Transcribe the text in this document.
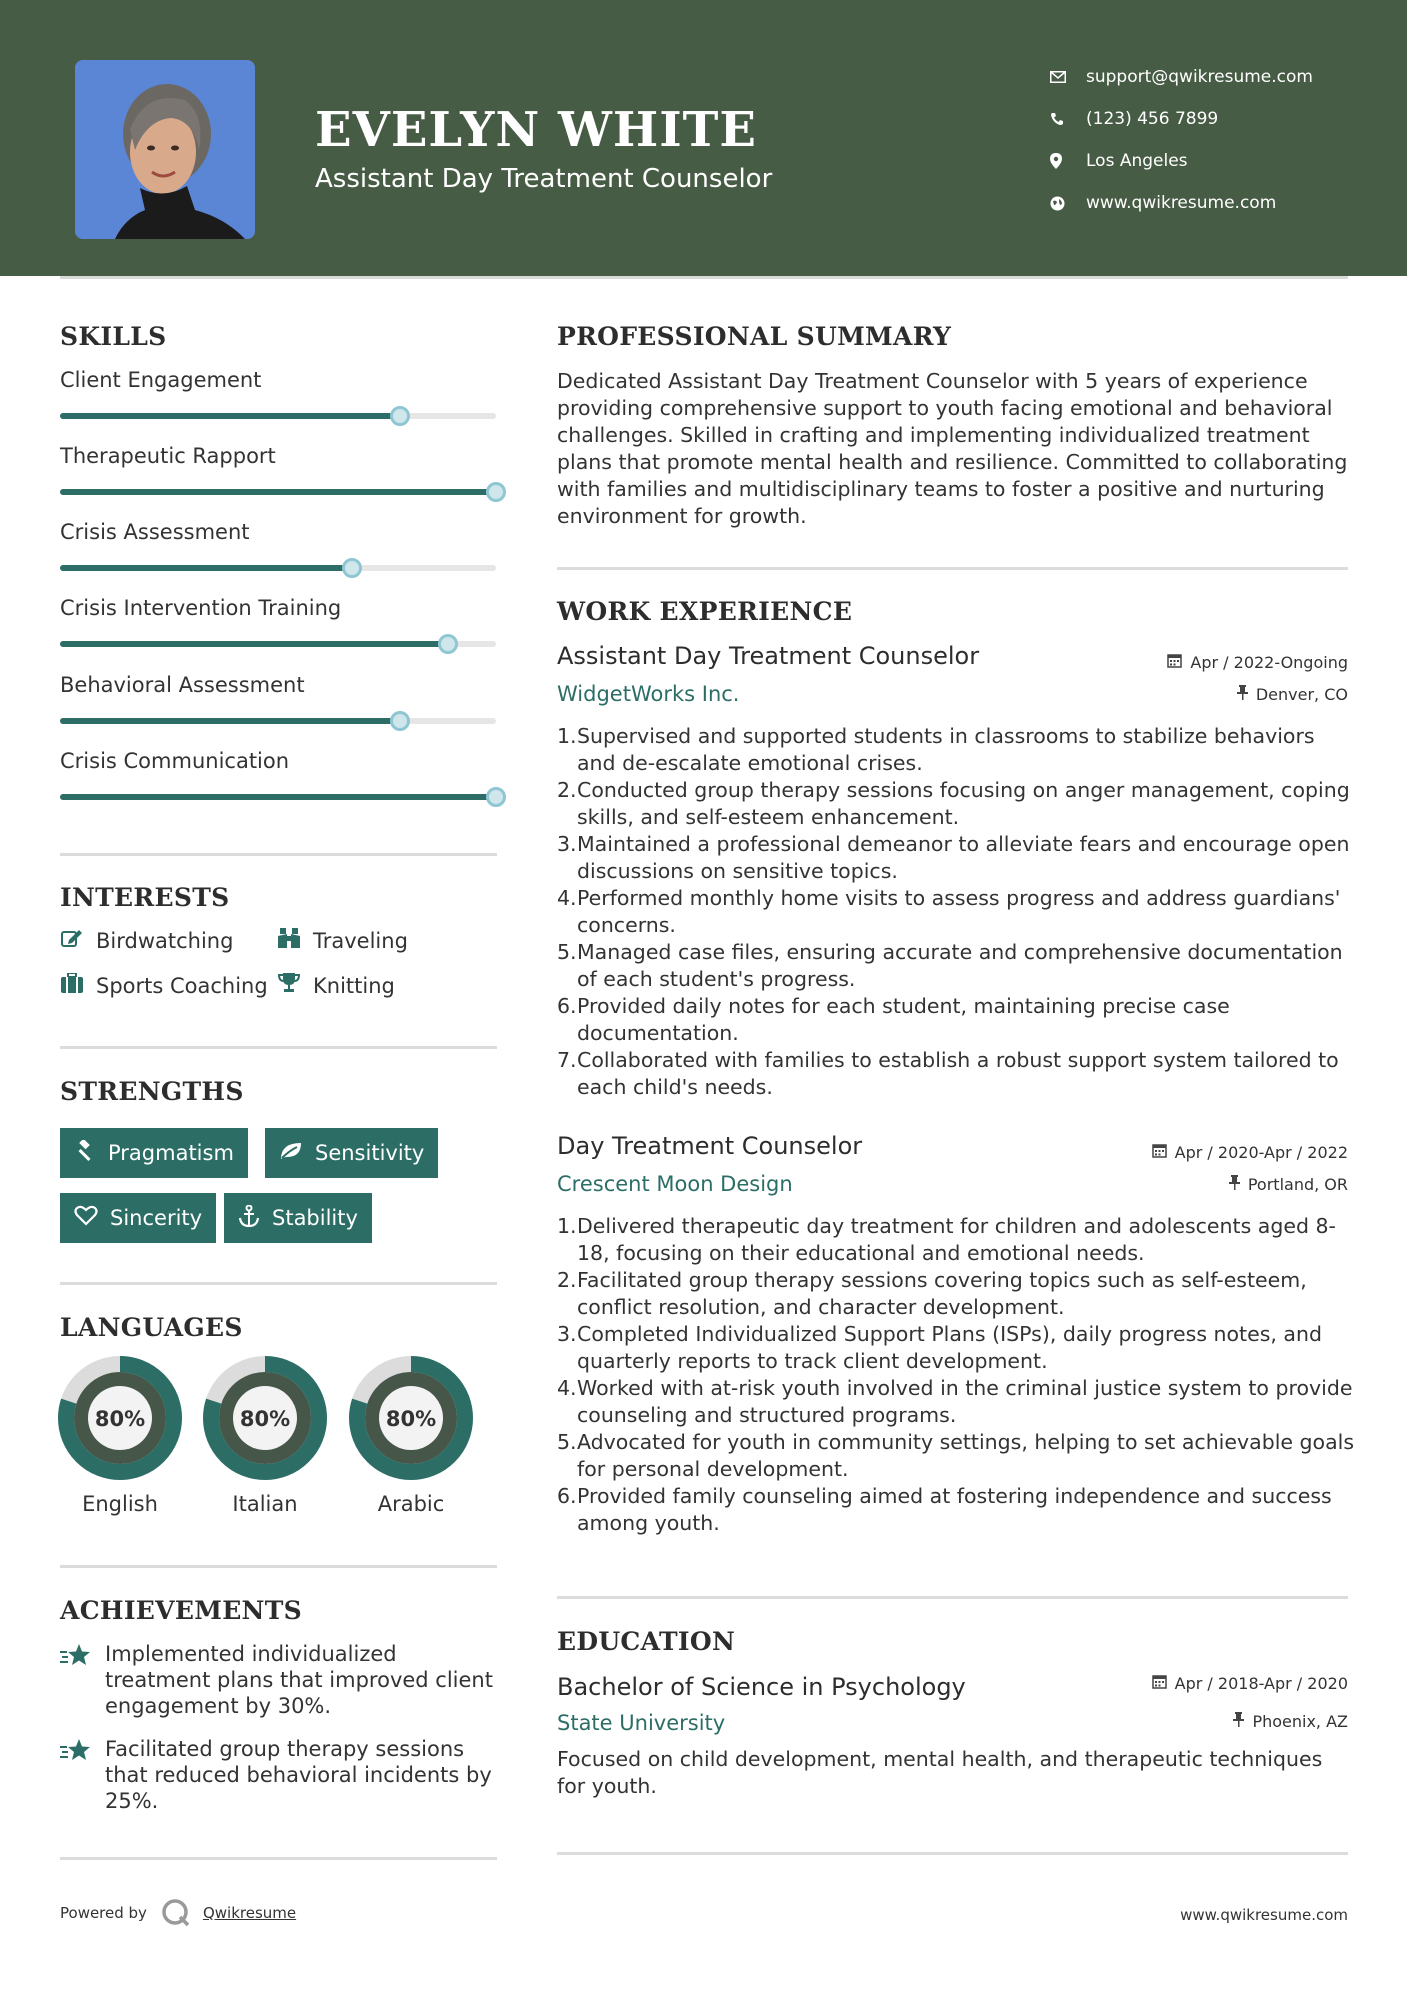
EVELYN WHITE
Assistant Day Treatment Counselor
support@qwikresume.com
(123) 456 7899
Los Angeles
www.qwikresume.com
SKILLS
Client Engagement
Therapeutic Rapport
Crisis Assessment
Crisis Intervention Training
Behavioral Assessment
Crisis Communication
INTERESTS
Birdwatching	Traveling
Sports Coaching Knitting
STRENGTHS
Pragmatism	Sensitivity
Sincerity	Stability
LANGUAGES
80%
English
80%
Italian
80%
Arabic
ACHIEVEMENTS
Implemented individualized treatment plans that improved client engagement by 30%.
Facilitated group therapy sessions that reduced behavioral incidents by 25%.
PROFESSIONAL SUMMARY
Dedicated Assistant Day Treatment Counselor with 5 years of experience providing comprehensive support to youth facing emotional and behavioral challenges. Skilled in crafting and implementing individualized treatment plans that promote mental health and resilience. Committed to collaborating with families and multidisciplinary teams to foster a positive and nurturing environment for growth.
WORK EXPERIENCE
Assistant Day Treatment Counselor	Apr / 2022-Ongoing
WidgetWorks Inc.	Denver, CO
1. Supervised and supported students in classrooms to stabilize behaviors and de-escalate emotional crises.
2. Conducted group therapy sessions focusing on anger management, coping skills, and self-esteem enhancement.
3. Maintained a professional demeanor to alleviate fears and encourage open discussions on sensitive topics.
4. Performed monthly home visits to assess progress and address guardians' concerns.
5. Managed case files, ensuring accurate and comprehensive documentation of each student's progress.
6. Provided daily notes for each student, maintaining precise case documentation.
7. Collaborated with families to establish a robust support system tailored to each child's needs.
Day Treatment Counselor	Apr / 2020-Apr / 2022
Crescent Moon Design	Portland, OR
1. Delivered therapeutic day treatment for children and adolescents aged 8-18, focusing on their educational and emotional needs.
2. Facilitated group therapy sessions covering topics such as self-esteem, conflict resolution, and character development.
3. Completed Individualized Support Plans (ISPs), daily progress notes, and quarterly reports to track client development.
4. Worked with at-risk youth involved in the criminal justice system to provide counseling and structured programs.
5. Advocated for youth in community settings, helping to set achievable goals for personal development.
6. Provided family counseling aimed at fostering independence and success among youth.
EDUCATION
Bachelor of Science in Psychology	Apr / 2018-Apr / 2020
State University	Phoenix, AZ
Focused on child development, mental health, and therapeutic techniques for youth.
Powered by	Qwikresume	www.qwikresume.com
